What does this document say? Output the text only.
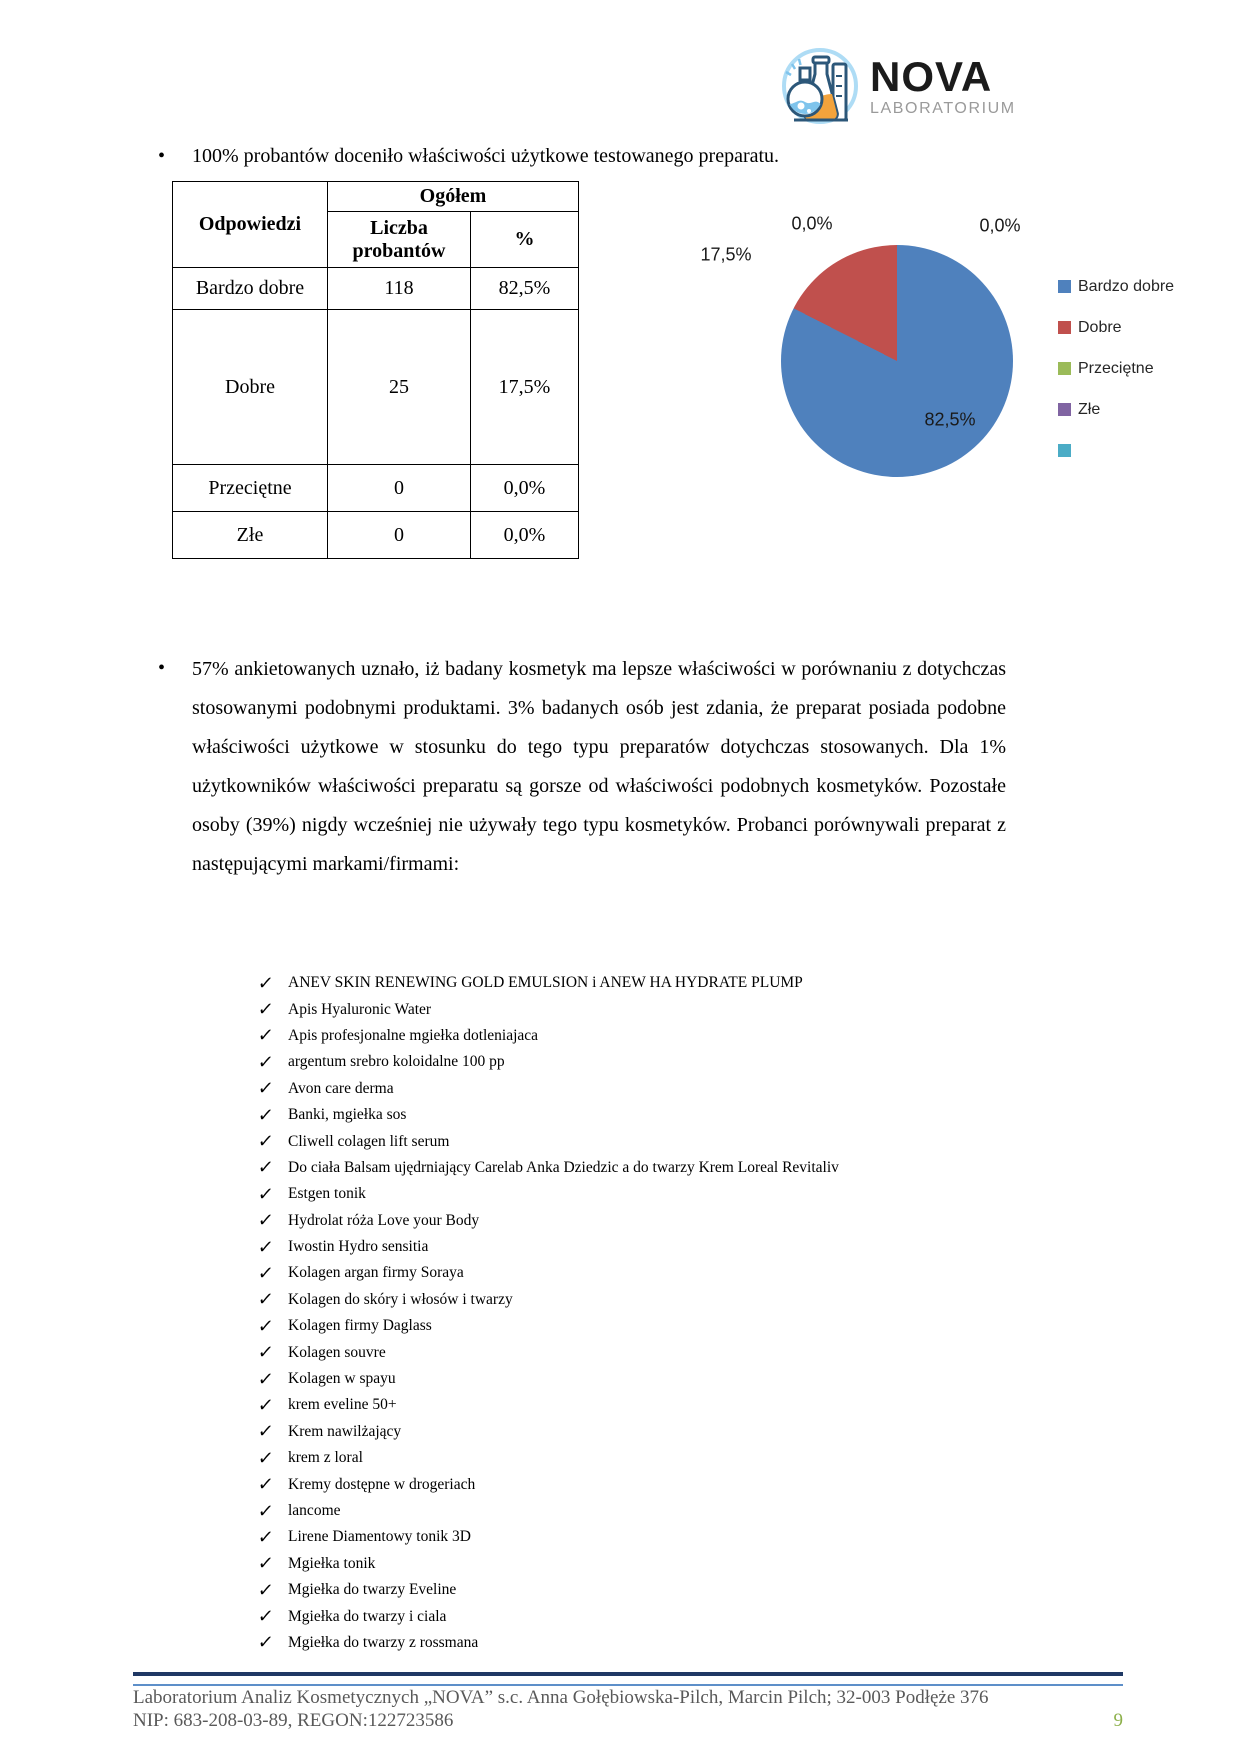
NOVA
LABORATORIUM
• 100% probantów doceniło właściwości użytkowe testowanego preparatu.
Odpowiedzi	Ogółem	
	Liczba probantów	%
Bardzo dobre	118	82,5%
Dobre	25	17,5%
Przeciętne	0	0,0%
Złe	0	0,0%
0,0%	0,0%
17,5%
82,5%
Bardzo dobre
Dobre
Przeciętne
Złe
• 57% ankietowanych uznało, iż badany kosmetyk ma lepsze właściwości w porównaniu z dotychczas stosowanymi podobnymi produktami. 3% badanych osób jest zdania, że preparat posiada podobne właściwości użytkowe w stosunku do tego typu preparatów dotychczas stosowanych. Dla 1% użytkowników właściwości preparatu są gorsze od właściwości podobnych kosmetyków. Pozostałe osoby (39%) nigdy wcześniej nie używały tego typu kosmetyków. Probanci porównywali preparat z następującymi markami/firmami:
✓ ANEV SKIN RENEWING GOLD EMULSION i ANEW HA HYDRATE PLUMP
✓ Apis Hyaluronic Water
✓ Apis profesjonalne mgiełka dotleniajaca
✓ argentum srebro koloidalne 100 pp
✓ Avon care derma
✓ Banki, mgiełka sos
✓ Cliwell colagen lift serum
✓ Do ciała Balsam ujędrniający Carelab Anka Dziedzic a do twarzy Krem Loreal Revitaliv
✓ Estgen tonik
✓ Hydrolat róża Love your Body
✓ Iwostin Hydro sensitia
✓ Kolagen argan firmy Soraya
✓ Kolagen do skóry i włosów i twarzy
✓ Kolagen firmy Daglass
✓ Kolagen souvre
✓ Kolagen w spayu
✓ krem eveline 50+
✓ Krem nawilżający
✓ krem z loral
✓ Kremy dostępne w drogeriach
✓ lancome
✓ Lirene Diamentowy tonik 3D
✓ Mgiełka tonik
✓ Mgiełka do twarzy Eveline
✓ Mgiełka do twarzy i ciala
✓ Mgiełka do twarzy z rossmana
Laboratorium Analiz Kosmetycznych „NOVA” s.c. Anna Gołębiowska-Pilch, Marcin Pilch; 32-003 Podłęże 376
NIP: 683-208-03-89, REGON:122723586	9
